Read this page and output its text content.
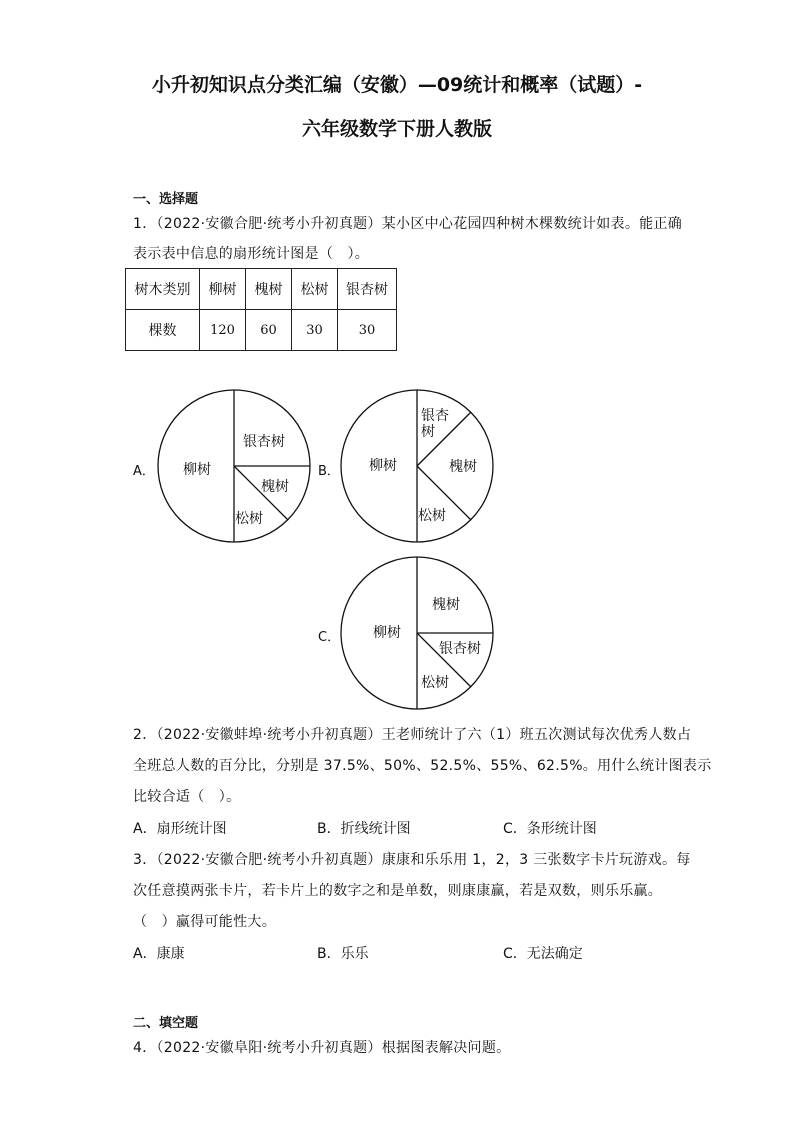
小升初知识点分类汇编（安徽）—09统计和概率（试题）-
六年级数学下册人教版
一、选择题
1．（2022·安徽合肥·统考小升初真题）某小区中心花园四种树木棵数统计如表。能正确
表示表中信息的扇形统计图是（　）。
树木类别	柳树	槐树	松树	银杏树
棵数	120	60	30	30
A． 柳树
银杏树
槐树
松树
B． 柳树
银杏
树
槐树
松树
C． 柳树
槐树
银杏树
松树
2．（2022·安徽蚌埠·统考小升初真题）王老师统计了六（1）班五次测试每次优秀人数占
全班总人数的百分比，分别是 37.5%、50%、52.5%、55%、62.5%。用什么统计图表示
比较合适（　）。
A．扇形统计图	B．折线统计图	C．条形统计图
3．（2022·安徽合肥·统考小升初真题）康康和乐乐用 1，2，3 三张数字卡片玩游戏。每
次任意摸两张卡片，若卡片上的数字之和是单数，则康康赢，若是双数，则乐乐赢。
（　）赢得可能性大。
A．康康	B．乐乐	C．无法确定
二、填空题
4．（2022·安徽阜阳·统考小升初真题）根据图表解决问题。
